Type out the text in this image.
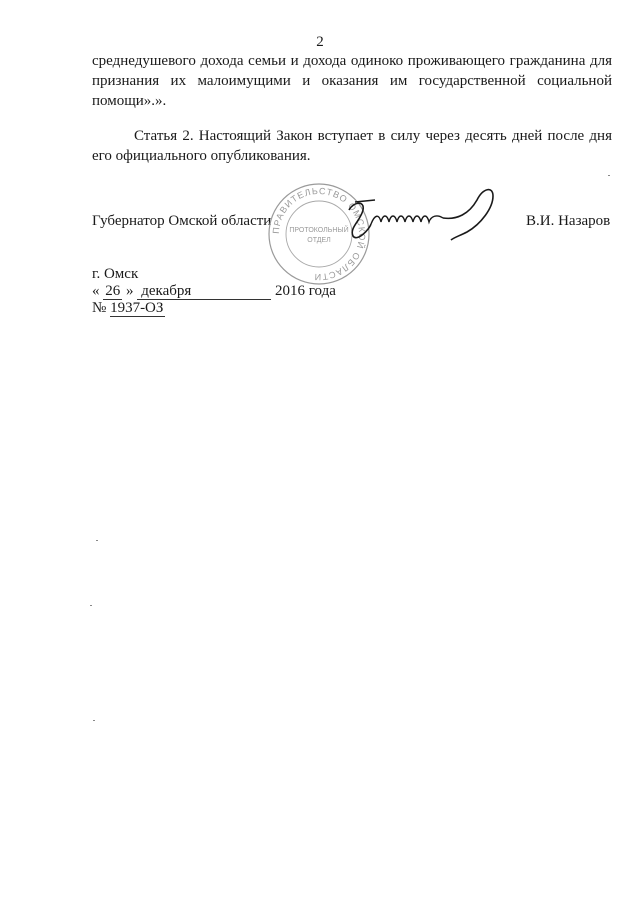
2
среднедушевого дохода семьи и дохода одиноко проживающего гражданина для признания их малоимущими и оказания им государственной социальной помощи».».
Статья 2. Настоящий Закон вступает в силу через десять дней после дня его официального опубликования.
Губернатор Омской области
ПРАВИТЕЛЬСТВО ОМСКОЙ ОБЛАСТИ
ПРОТОКОЛЬНЫЙ
ОТДЕЛ
В.И. Назаров
г. Омск
« 26 » декабря	2016 года
№ 1937-ОЗ
